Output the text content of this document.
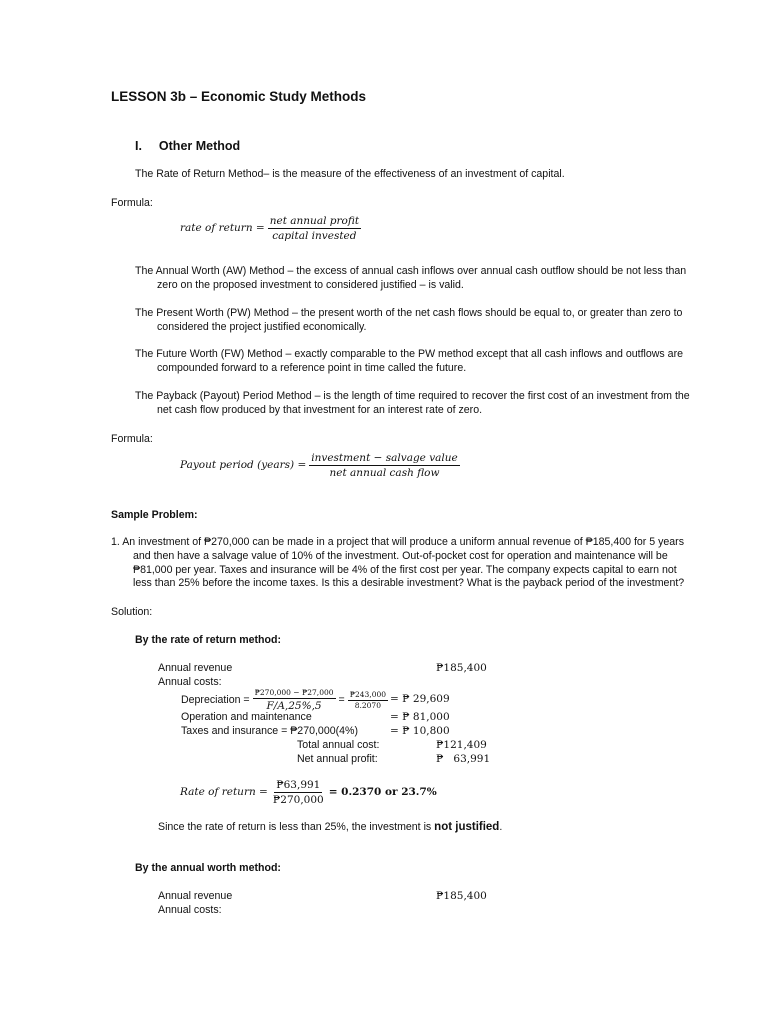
LESSON 3b – Economic Study Methods
I. Other Method
The Rate of Return Method– is the measure of the effectiveness of an investment of capital.
Formula:
rate of return = $\frac{\text{net annual profit}}{\text{capital invested}}$
The Annual Worth (AW) Method – the excess of annual cash inflows over annual cash outflow should be not less than
zero on the proposed investment to considered justified – is valid.
The Present Worth (PW) Method – the present worth of the net cash flows should be equal to, or greater than zero to
considered the project justified economically.
The Future Worth (FW) Method – exactly comparable to the PW method except that all cash inflows and outflows are
compounded forward to a reference point in time called the future.
The Payback (Payout) Period Method – is the length of time required to recover the first cost of an investment from the
net cash flow produced by that investment for an interest rate of zero.
Formula:
Payout period (years) = $\frac{\text{investment − salvage value}}{\text{net annual cash flow}}$
Sample Problem:
1. An investment of ₱270,000 can be made in a project that will produce a uniform annual revenue of ₱185,400 for 5 years
and then have a salvage value of 10% of the investment. Out-of-pocket cost for operation and maintenance will be
₱81,000 per year. Taxes and insurance will be 4% of the first cost per year. The company expects capital to earn not
less than 25% before the income taxes. Is this a desirable investment? What is the payback period of the investment?
Solution:
By the rate of return method:
Annual revenue	₱185,400
Annual costs:
Depreciation = $\frac{₱270,000 - ₱27,000}{F/A,25\%,5} = \frac{₱243,000}{8.2070}$ = ₱ 29,609
Operation and maintenance	= ₱ 81,000
Taxes and insurance = ₱270,000(4%)	= ₱ 10,800
Total annual cost:	₱121,409
Net annual profit:	₱   63,991
Rate of return = $\frac{₱63,991}{₱270,000} = 0.2370$ or 23.7%
Since the rate of return is less than 25%, the investment is not justified.
By the annual worth method:
Annual revenue	₱185,400
Annual costs:
